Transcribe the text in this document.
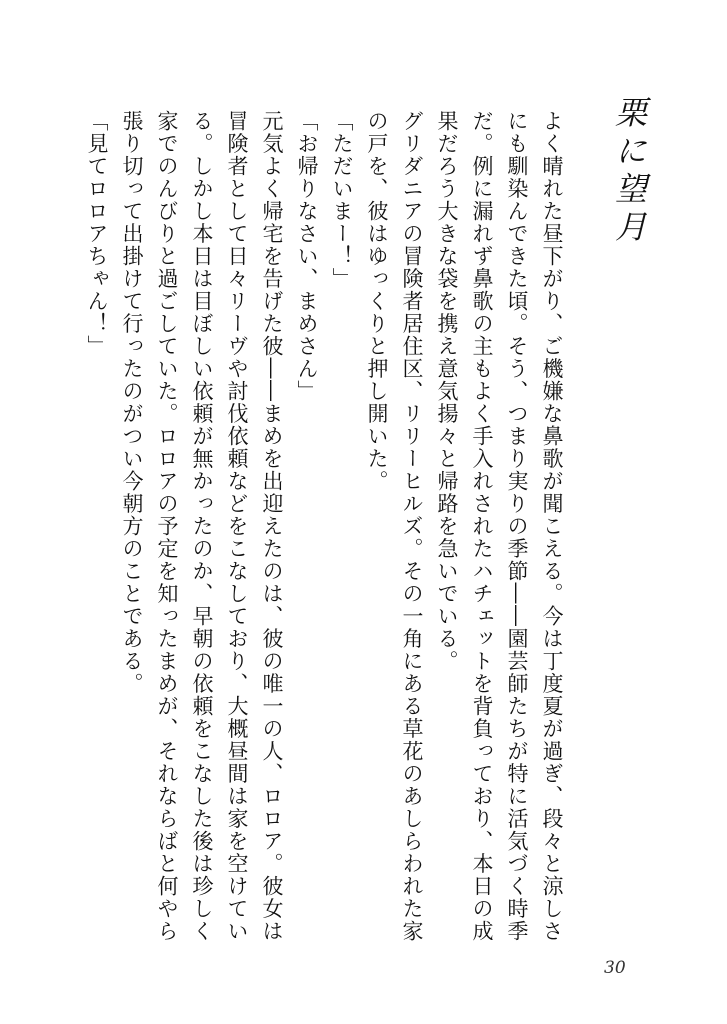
栗に望月

よく晴れた昼下がり、ご機嫌な鼻歌が聞こえる。今は丁度夏が過ぎ、段々と涼しさにも馴染んできた頃。そう、つまり実りの季節――園芸師たちが特に活気づく時季だ。例に漏れず鼻歌の主もよく手入れされたハチェットを背負っており、本日の成果だろう大きな袋を携え意気揚々と帰路を急いでいる。

グリダニアの冒険者居住区、リリーヒルズ。その一角にある草花のあしらわれた家の戸を、彼はゆっくりと押し開いた。

「ただいまー！」

「お帰りなさい、まめさん」

元気よく帰宅を告げた彼――まめを出迎えたのは、彼の唯一の人、ロロア。彼女は冒険者として日々リーヴや討伐依頼などをこなしており、大概昼間は家を空けている。しかし本日は目ぼしい依頼が無かったのか、早朝の依頼をこなした後は珍しく家でのんびりと過ごしていた。ロロアの予定を知ったまめが、それならばと何やら張り切って出掛けて行ったのがつい今朝方のことである。

「見てロロアちゃん！」

30
